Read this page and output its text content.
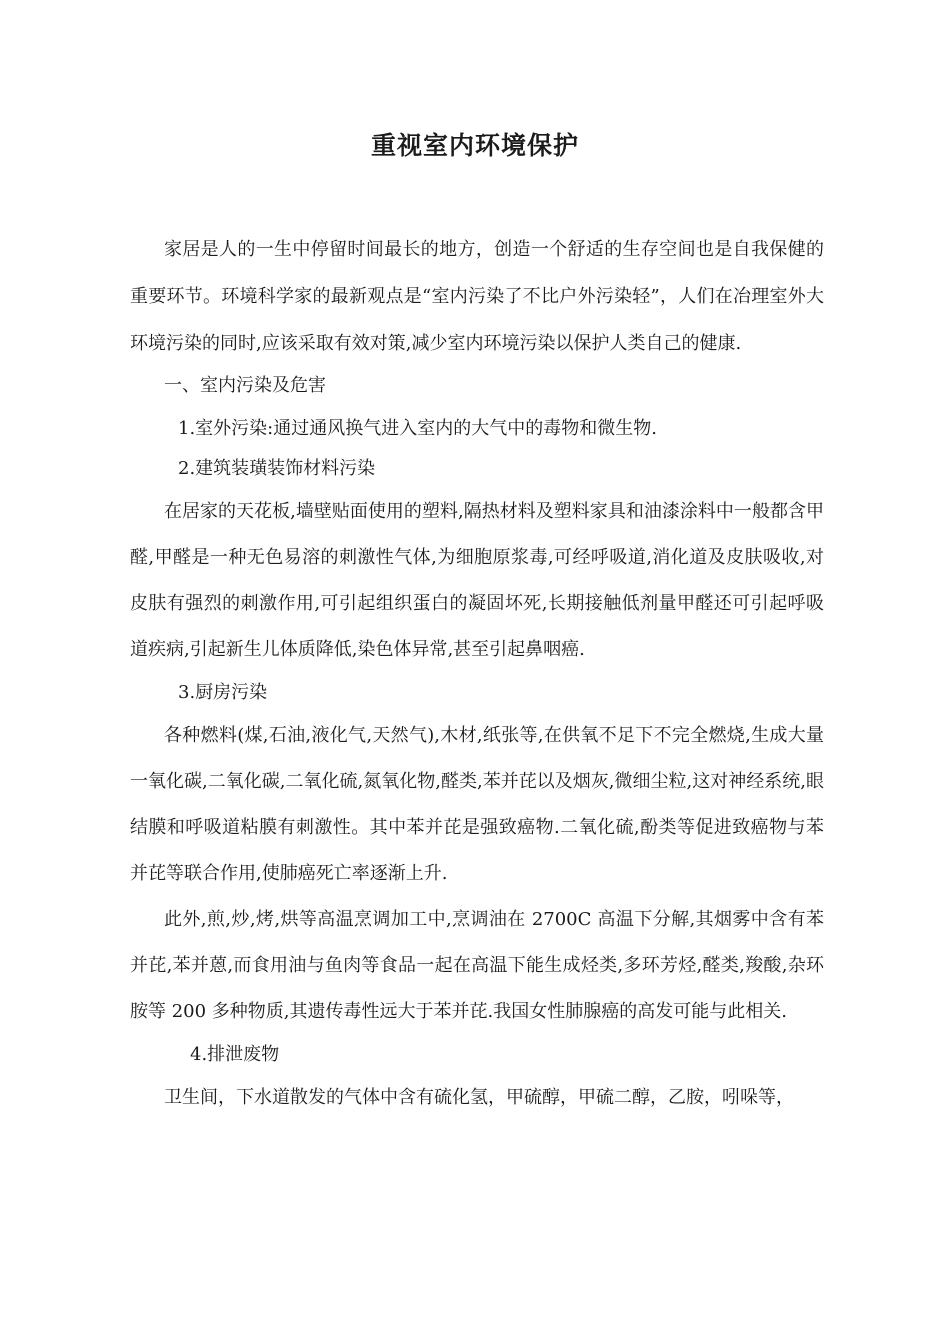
重视室内环境保护

家居是人的一生中停留时间最长的地方，创造一个舒适的生存空间也是自我保健的重要环节。环境科学家的最新观点是“室内污染了不比户外污染轻”，人们在冶理室外大环境污染的同时,应该采取有效对策,减少室内环境污染以保护人类自己的健康.

一、室内污染及危害

1.室外污染:通过通风换气进入室内的大气中的毒物和微生物.

2.建筑装璜装饰材料污染

在居家的天花板,墙壁贴面使用的塑料,隔热材料及塑料家具和油漆涂料中一般都含甲醛,甲醛是一种无色易溶的刺激性气体,为细胞原浆毒,可经呼吸道,消化道及皮肤吸收,对皮肤有强烈的刺激作用,可引起组织蛋白的凝固坏死,长期接触低剂量甲醛还可引起呼吸道疾病,引起新生儿体质降低,染色体异常,甚至引起鼻咽癌.

3.厨房污染

各种燃料(煤,石油,液化气,天然气),木材,纸张等,在供氧不足下不完全燃烧,生成大量 一氧化碳,二氧化碳,二氧化硫,氮氧化物,醛类,苯并芘以及烟灰,微细尘粒,这对神经系统,眼结膜和呼吸道粘膜有刺激性。其中苯并芘是强致癌物.二氧化硫,酚类等促进致癌物与苯并芘等联合作用,使肺癌死亡率逐渐上升.

此外,煎,炒,烤,烘等高温烹调加工中,烹调油在 2700C 高温下分解,其烟雾中含有苯并芘,苯并蒽,而食用油与鱼肉等食品一起在高温下能生成烃类,多环芳烃,醛类,羧酸,杂环胺等 200 多种物质,其遗传毒性远大于苯并芘.我国女性肺腺癌的高发可能与此相关.

4.排泄废物

卫生间，下水道散发的气体中含有硫化氢，甲硫醇，甲硫二醇，乙胺，吲哚等，
